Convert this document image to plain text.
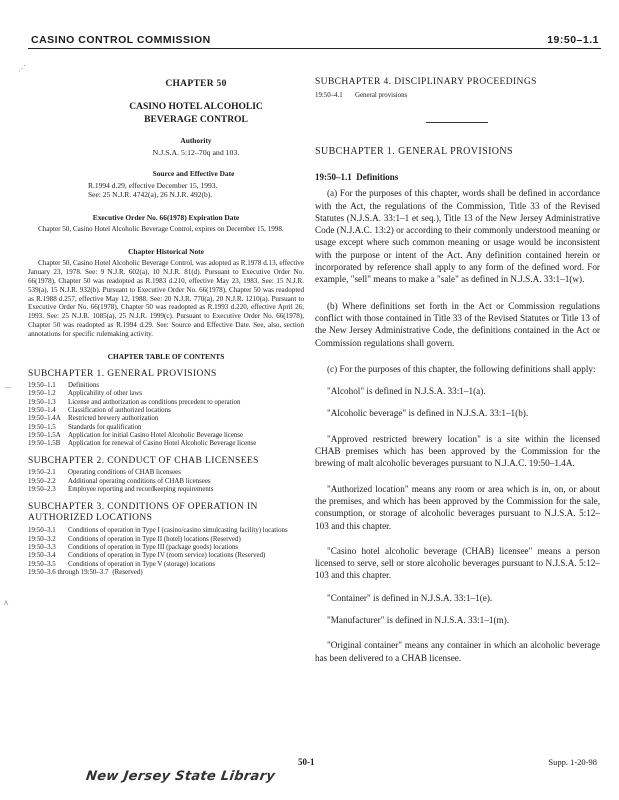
CASINO CONTROL COMMISSION	19:50–1.1
⋰
⌒
⋏
CHAPTER 50
CASINO HOTEL ALCOHOLIC BEVERAGE CONTROL
Authority
N.J.S.A. 5:12–70q and 103.
Source and Effective Date
R.1994 d.29, effective December 15, 1993.
See: 25 N.J.R. 4742(a), 26 N.J.R. 492(b).
Executive Order No. 66(1978) Expiration Date
Chapter 50, Casino Hotel Alcoholic Beverage Control, expires on December 15, 1998.
Chapter Historical Note
Chapter 50, Casino Hotel Alcoholic Beverage Control, was adopted as R.1978 d.13, effective January 23, 1978. See: 9 N.J.R. 602(a), 10 N.J.R. 81(d). Pursuant to Executive Order No. 66(1978), Chapter 50 was readopted as R.1983 d.210, effective May 23, 1983. See: 15 N.J.R. 539(a), 15 N.J.R. 932(b). Pursuant to Executive Order No. 66(1978), Chapter 50 was readopted as R.1988 d.257, effective May 12, 1988. See: 20 N.J.R. 770(a), 20 N.J.R. 1210(a). Pursuant to Executive Order No. 66(1978), Chapter 50 was readopted as R.1993 d.220, effective April 26, 1993. See: 25 N.J.R. 1085(a), 25 N.J.R. 1999(c). Pursuant to Executive Order No. 66(1978), Chapter 50 was readopted as R.1994 d.29. See: Source and Effective Date. See, also, section annotations for specific rulemaking activity.
CHAPTER TABLE OF CONTENTS
SUBCHAPTER 1. GENERAL PROVISIONS
19:50–1.1	Definitions
19:50–1.2	Applicability of other laws
19:50–1.3	License and authorization as conditions precedent to operation
19:50–1.4	Classification of authorized locations
19:50–1.4A	Restricted brewery authorization
19:50–1.5	Standards for qualification
19:50–1.5A	Application for initial Casino Hotel Alcoholic Beverage license
19:50–1.5B	Application for renewal of Casino Hotel Alcoholic Beverage license
SUBCHAPTER 2. CONDUCT OF CHAB LICENSEES
19:50–2.1	Operating conditions of CHAB licensees
19:50–2.2	Additional operating conditions of CHAB licensees
19:50–2.3	Employee reporting and recordkeeping requirements
SUBCHAPTER 3. CONDITIONS OF OPERATION IN AUTHORIZED LOCATIONS
19:50–3.1	Conditions of operation in Type I (casino/casino simulcasting facility) locations
19:50–3.2	Conditions of operation in Type II (hotel) locations (Reserved)
19:50–3.3	Conditions of operation in Type III (package goods) locations
19:50–3.4	Conditions of operation in Type IV (room service) locations (Reserved)
19:50–3.5	Conditions of operation in Type V (storage) locations
19:50–3.6 through 19:50–3.7 (Reserved)
SUBCHAPTER 4. DISCIPLINARY PROCEEDINGS
19:50–4.1	General provisions
SUBCHAPTER 1. GENERAL PROVISIONS
19:50–1.1 Definitions
(a) For the purposes of this chapter, words shall be defined in accordance with the Act, the regulations of the Commission, Title 33 of the Revised Statutes (N.J.S.A. 33:1–1 et seq.), Title 13 of the New Jersey Administrative Code (N.J.A.C. 13:2) or according to their commonly understood meaning or usage except where such common meaning or usage would be inconsistent with the purpose or intent of the Act. Any definition contained herein or incorporated by reference shall apply to any form of the defined word. For example, "sell" means to make a "sale" as defined in N.J.S.A. 33:1–1(w).
(b) Where definitions set forth in the Act or Commission regulations conflict with those contained in Title 33 of the Revised Statutes or Title 13 of the New Jersey Administrative Code, the definitions contained in the Act or Commission regulations shall govern.
(c) For the purposes of this chapter, the following definitions shall apply:
"Alcohol" is defined in N.J.S.A. 33:1–1(a).
"Alcoholic beverage" is defined in N.J.S.A. 33:1–1(b).
"Approved restricted brewery location" is a site within the licensed CHAB premises which has been approved by the Commission for the brewing of malt alcoholic beverages pursuant to N.J.A.C. 19:50–1.4A.
"Authorized location" means any room or area which is in, on, or about the premises, and which has been approved by the Commission for the sale, consumption, or storage of alcoholic beverages pursuant to N.J.S.A. 5:12–103 and this chapter.
"Casino hotel alcoholic beverage (CHAB) licensee" means a person licensed to serve, sell or store alcoholic beverages pursuant to N.J.S.A. 5:12–103 and this chapter.
"Container" is defined in N.J.S.A. 33:1–1(e).
"Manufacturer" is defined in N.J.S.A. 33:1–1(m).
"Original container" means any container in which an alcoholic beverage has been delivered to a CHAB licensee.
50-1	Supp. 1-20-98
New Jersey State Library
